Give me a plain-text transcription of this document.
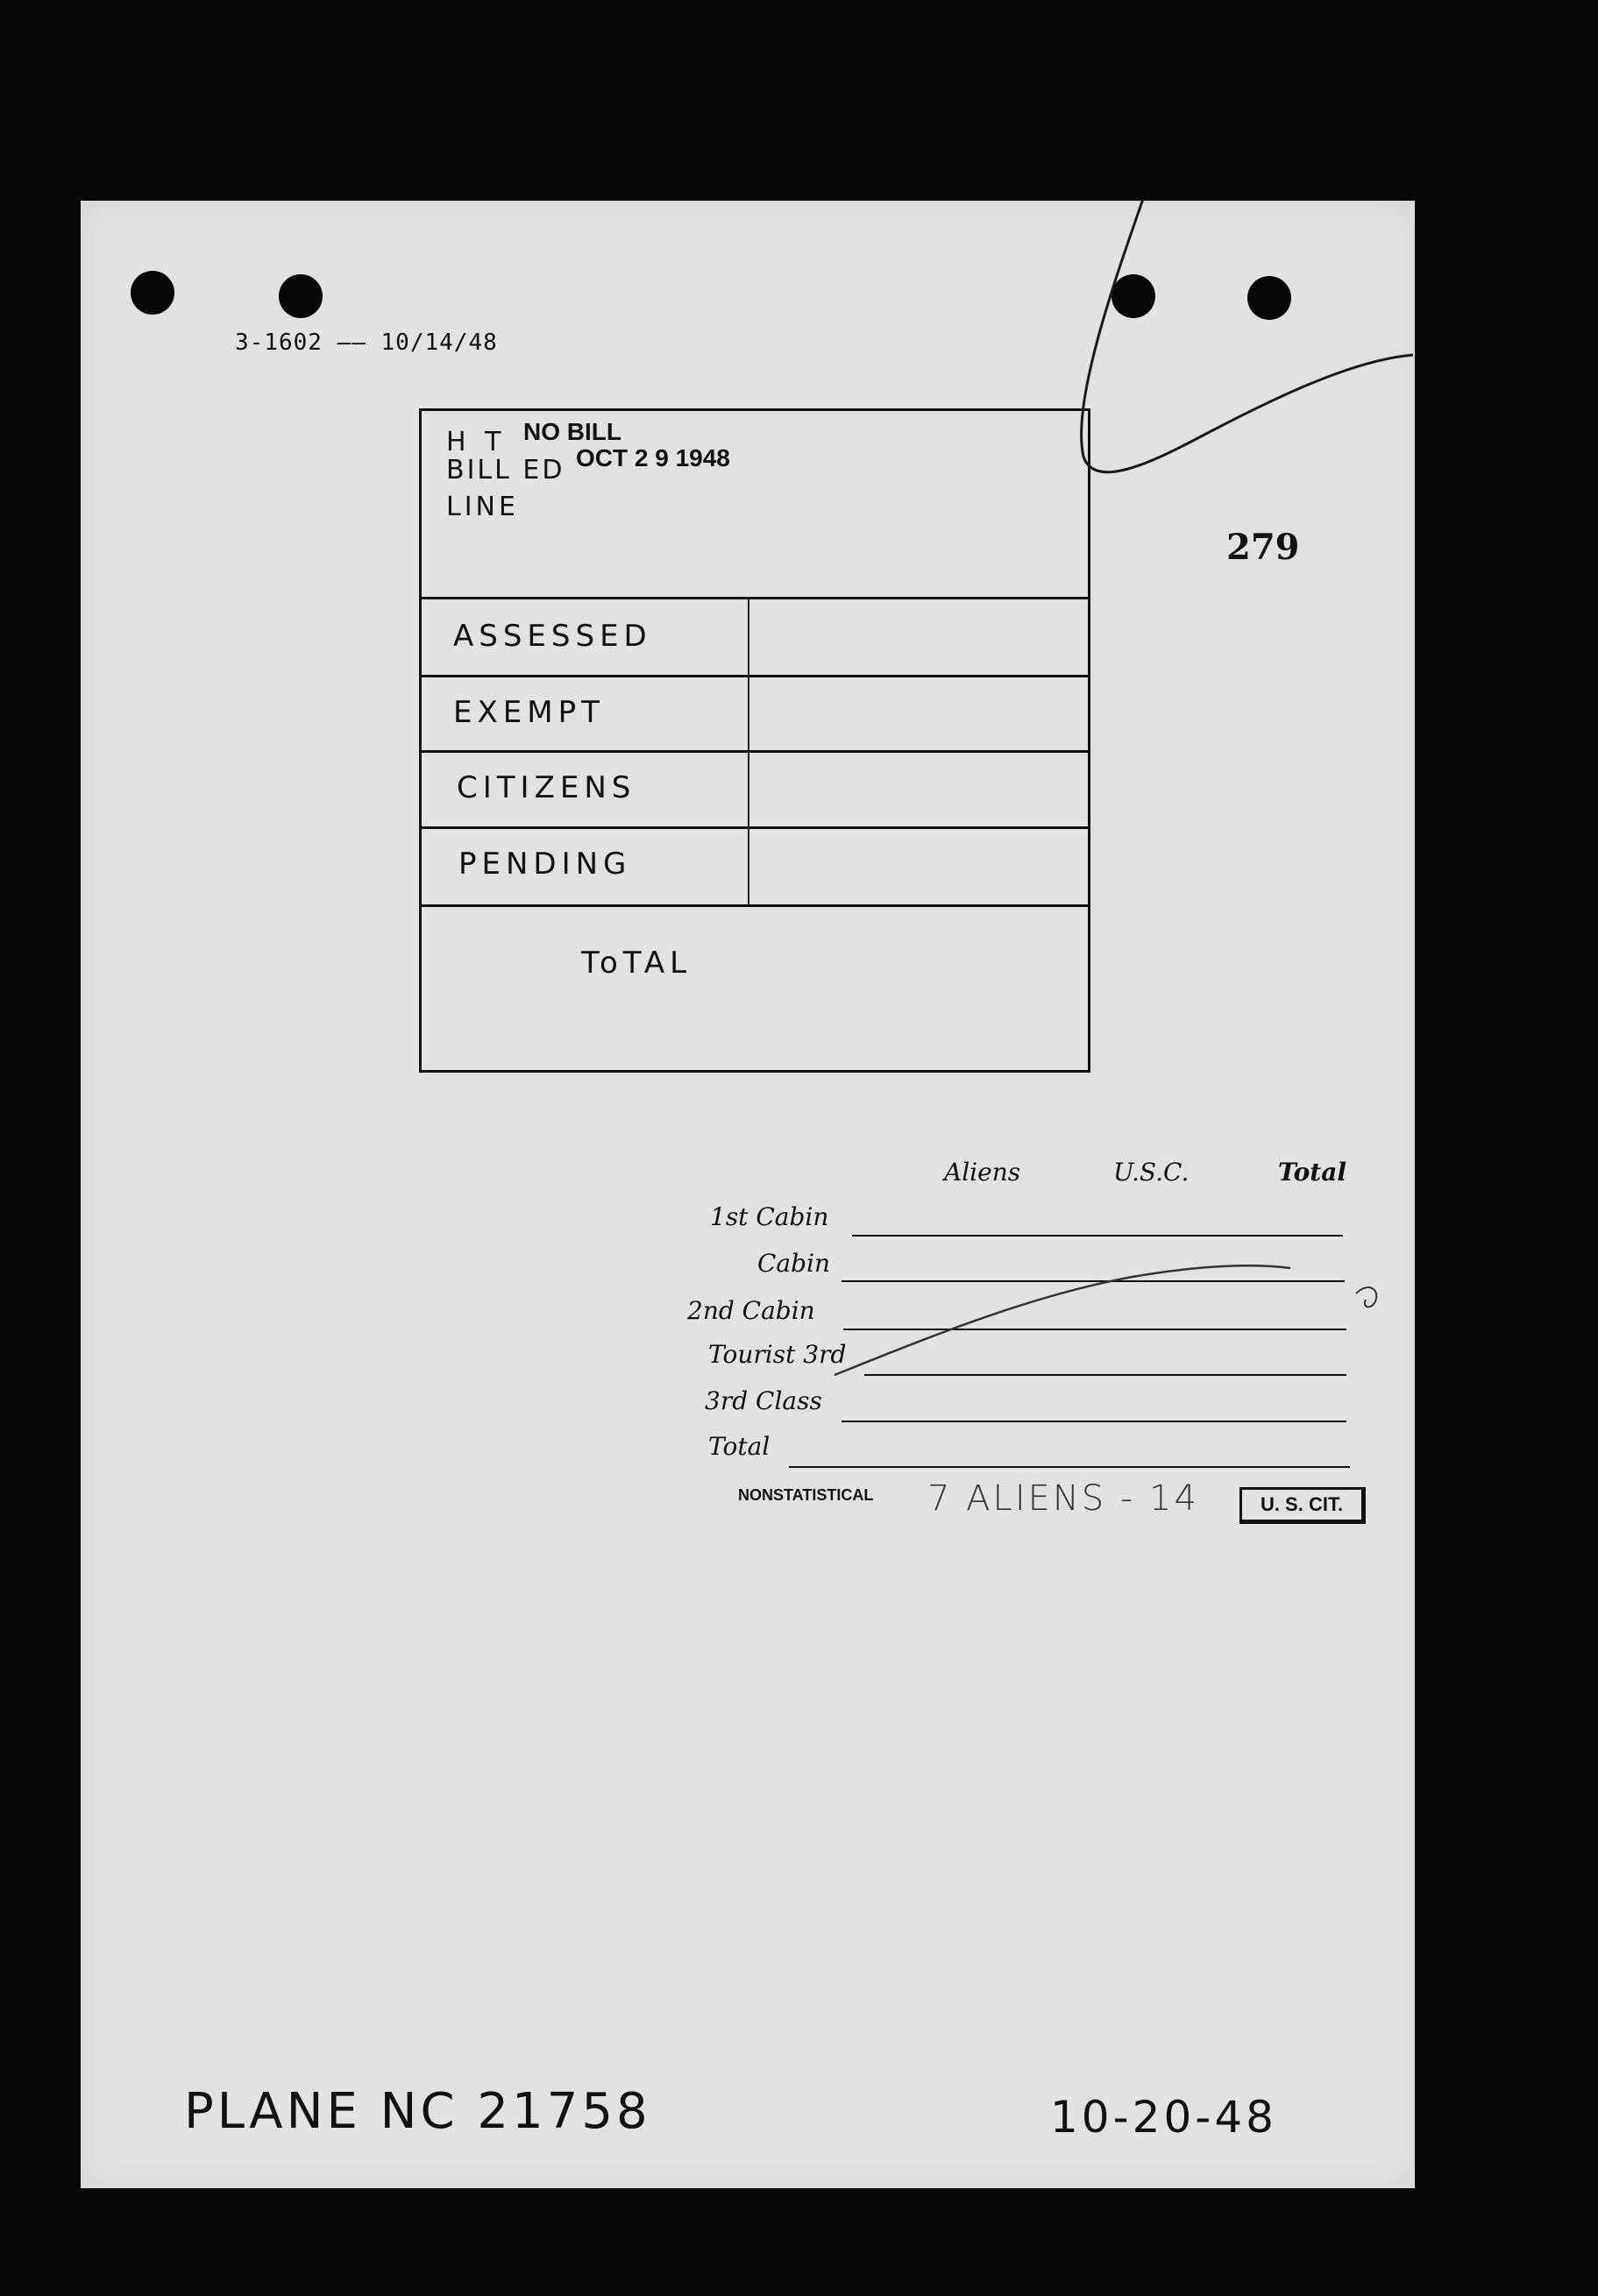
3-1602 —— 10/14/48
279
H T
BILL ED
LINE
NO BILL
OCT 2 9 1948
ASSESSED
EXEMPT
CITIZENS
PENDING
ToTAL
Aliens	U.S.C.	Total
1st Cabin
Cabin
2nd Cabin
Tourist 3rd
3rd Class
Total
NONSTATISTICAL 7 ALIENS - 14	U. S. CIT.
PLANE NC 21758	10-20-48
